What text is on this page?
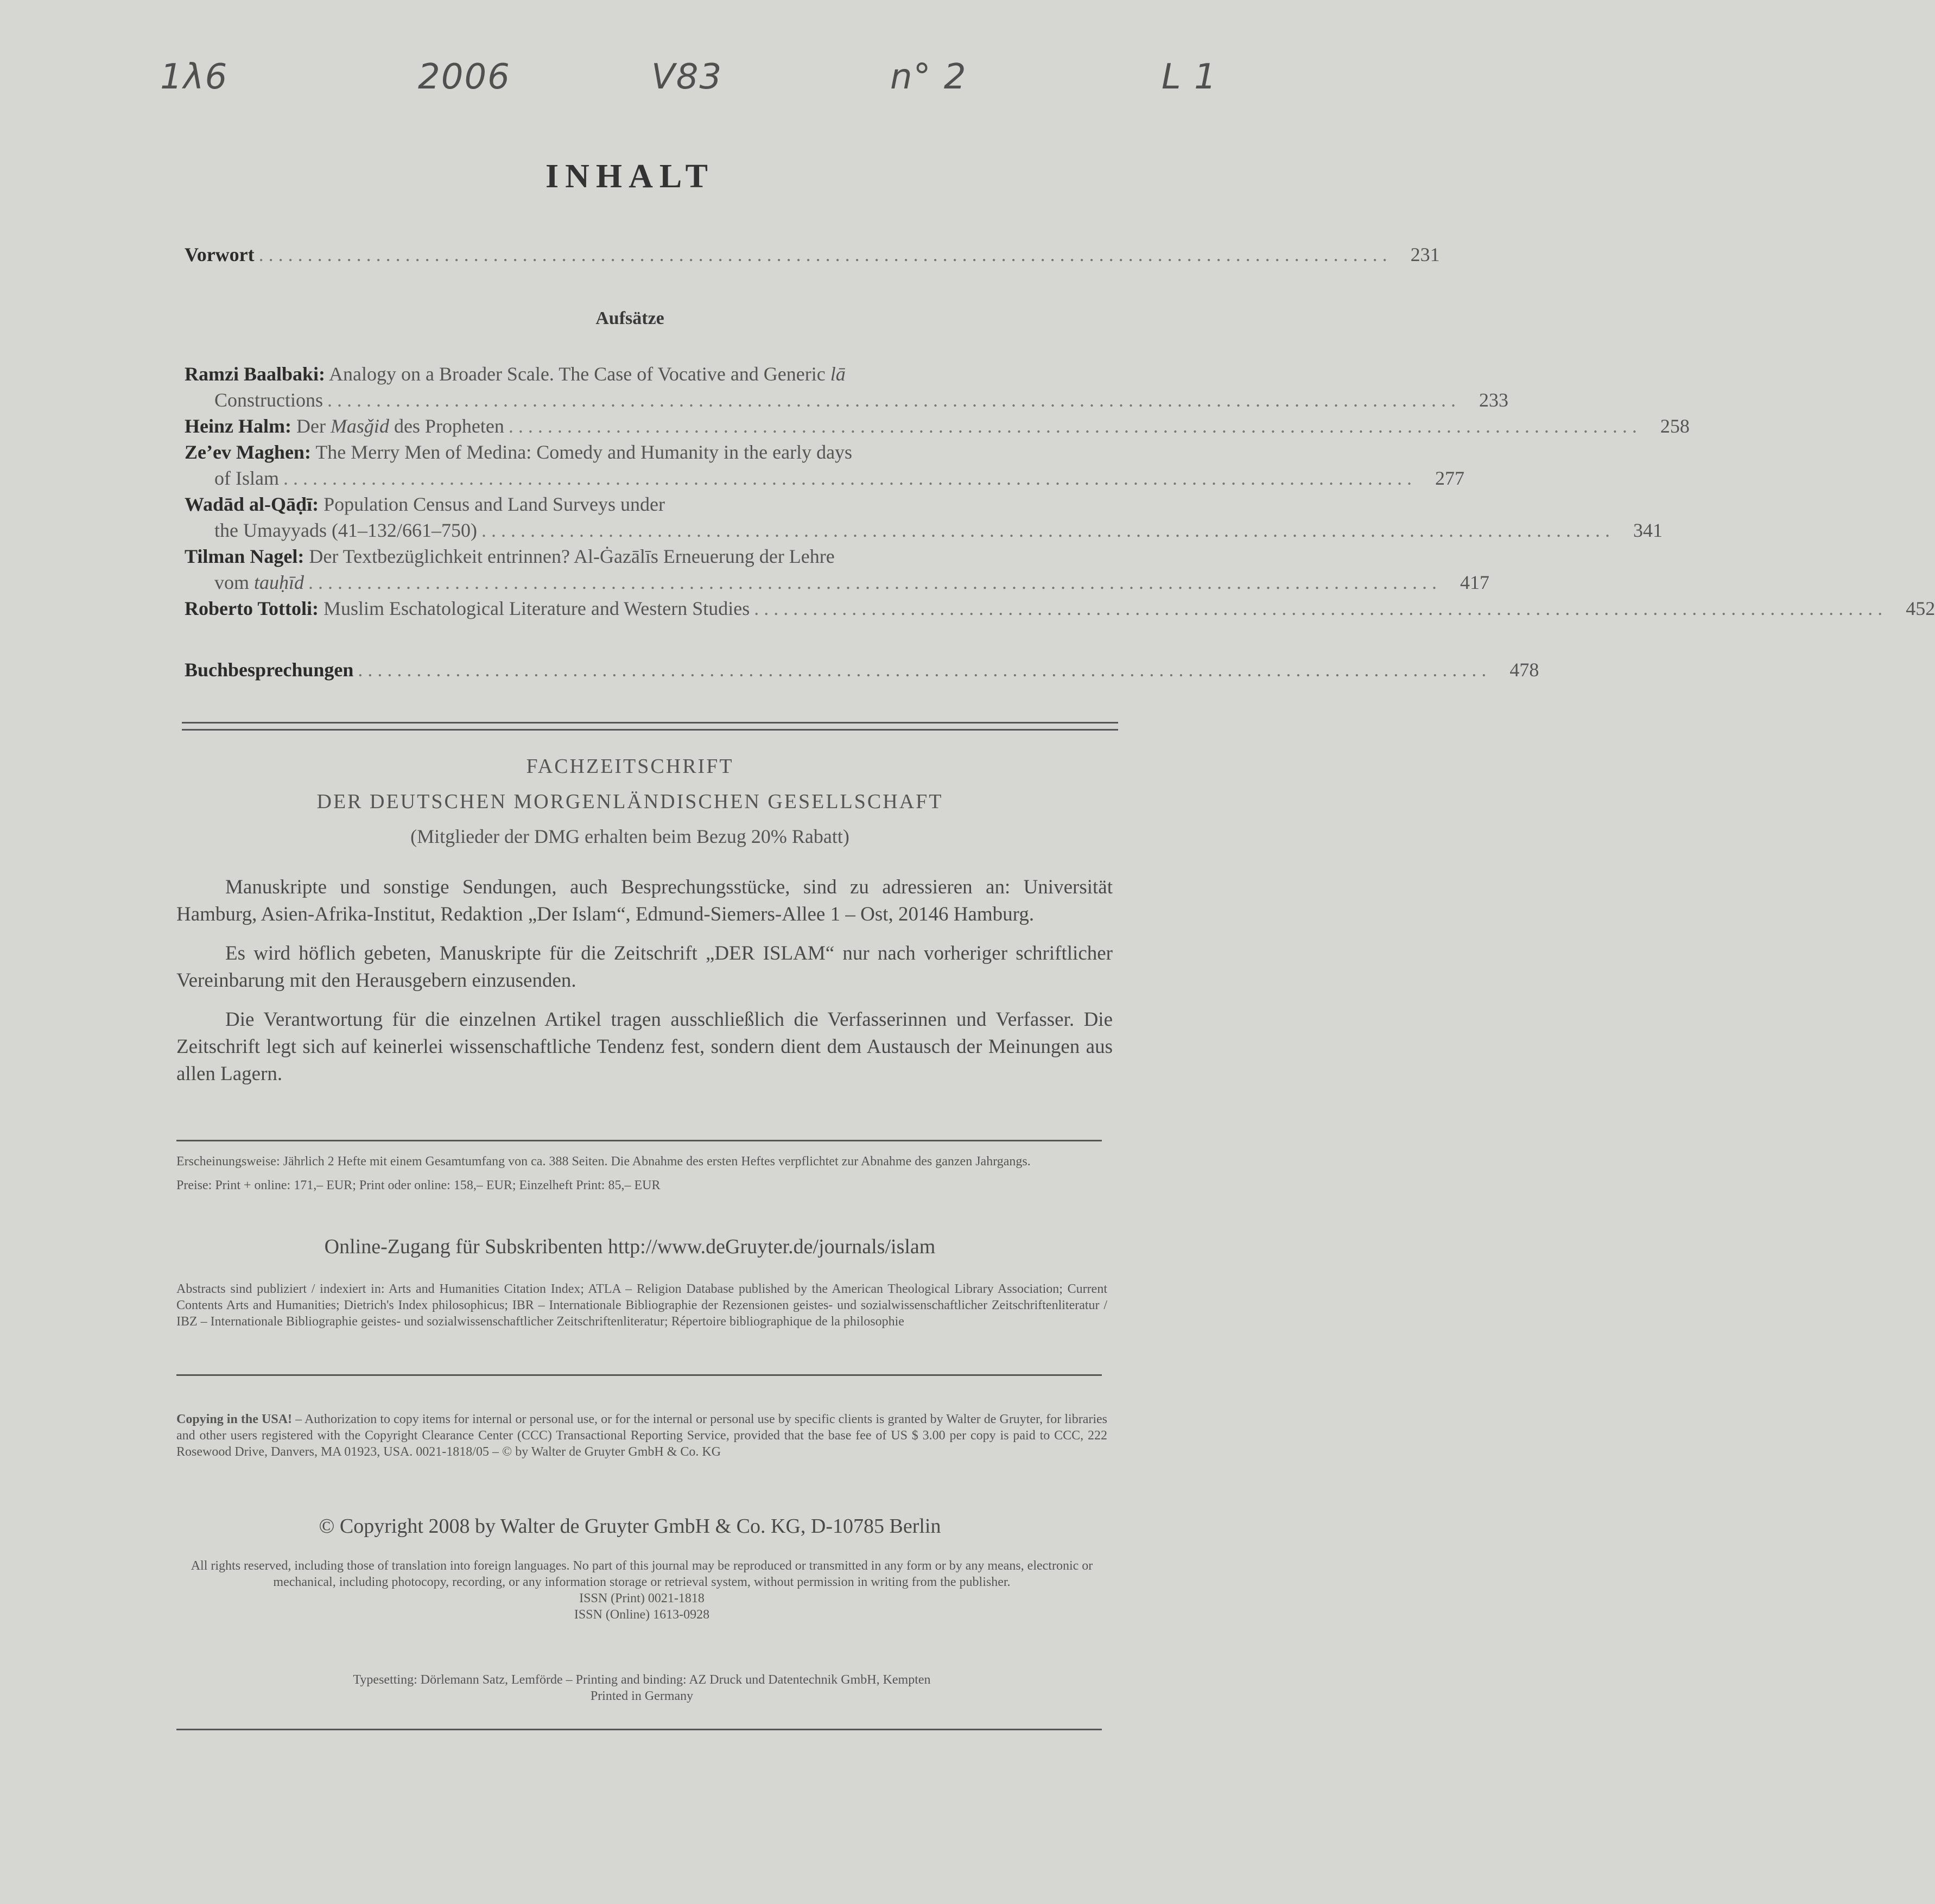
1λ6	2006	V83	n° 2	L 1
INHALT
Vorwort .................................................................................................................... 231
Aufsätze
Ramzi Baalbaki: Analogy on a Broader Scale. The Case of Vocative and Generic lā
Constructions .................................................................................................................... 233
Heinz Halm: Der Masǧid des Propheten .................................................................................................................... 258
Zeʼev Maghen: The Merry Men of Medina: Comedy and Humanity in the early days
of Islam .................................................................................................................... 277
Wadād al-Qāḍī: Population Census and Land Surveys under
the Umayyads (41–132/661–750) .................................................................................................................... 341
Tilman Nagel: Der Textbezüglichkeit entrinnen? Al-Ġazālīs Erneuerung der Lehre
vom tauḥīd .................................................................................................................... 417
Roberto Tottoli: Muslim Eschatological Literature and Western Studies .................................................................................................................... 452
Buchbesprechungen .................................................................................................................... 478
FACHZEITSCHRIFT
DER DEUTSCHEN MORGENLÄNDISCHEN GESELLSCHAFT
(Mitglieder der DMG erhalten beim Bezug 20% Rabatt)

Manuskripte und sonstige Sendungen, auch Besprechungsstücke, sind zu adressieren an: Universität Hamburg, Asien-Afrika-Institut, Redaktion „Der Islam“, Edmund-Siemers-Allee 1 – Ost, 20146 Hamburg.

Es wird höflich gebeten, Manuskripte für die Zeitschrift „DER ISLAM“ nur nach vorheriger schriftlicher Vereinbarung mit den Herausgebern einzusenden.

Die Verantwortung für die einzelnen Artikel tragen ausschließlich die Verfasserinnen und Verfasser. Die Zeitschrift legt sich auf keinerlei wissenschaftliche Tendenz fest, sondern dient dem Austausch der Meinungen aus allen Lagern.

Erscheinungsweise: Jährlich 2 Hefte mit einem Gesamtumfang von ca. 388 Seiten. Die Abnahme des ersten Heftes verpflichtet zur Abnahme des ganzen Jahrgangs.

Preise: Print + online: 171,– EUR; Print oder online: 158,– EUR; Einzelheft Print: 85,– EUR

Online-Zugang für Subskribenten http://www.deGruyter.de/journals/islam

Abstracts sind publiziert / indexiert in: Arts and Humanities Citation Index; ATLA – Religion Database published by the American Theological Library Association; Current Contents Arts and Humanities; Dietrich's Index philosophicus; IBR – Internationale Bibliographie der Rezensionen geistes- und sozialwissenschaftlicher Zeitschriftenliteratur / IBZ – Internationale Bibliographie geistes- und sozialwissenschaftlicher Zeitschriftenliteratur; Répertoire bibliographique de la philosophie

Copying in the USA! – Authorization to copy items for internal or personal use, or for the internal or personal use by specific clients is granted by Walter de Gruyter, for libraries and other users registered with the Copyright Clearance Center (CCC) Transactional Reporting Service, provided that the base fee of US $ 3.00 per copy is paid to CCC, 222 Rosewood Drive, Danvers, MA 01923, USA. 0021-1818/05 – © by Walter de Gruyter GmbH & Co. KG

© Copyright 2008 by Walter de Gruyter GmbH & Co. KG, D-10785 Berlin

All rights reserved, including those of translation into foreign languages. No part of this journal may be reproduced or transmitted in any form or by any means, electronic or mechanical, including photocopy, recording, or any information storage or retrieval system, without permission in writing from the publisher.

ISSN (Print) 0021-1818

ISSN (Online) 1613-0928

Typesetting: Dörlemann Satz, Lemförde – Printing and binding: AZ Druck und Datentechnik GmbH, Kempten

Printed in Germany
